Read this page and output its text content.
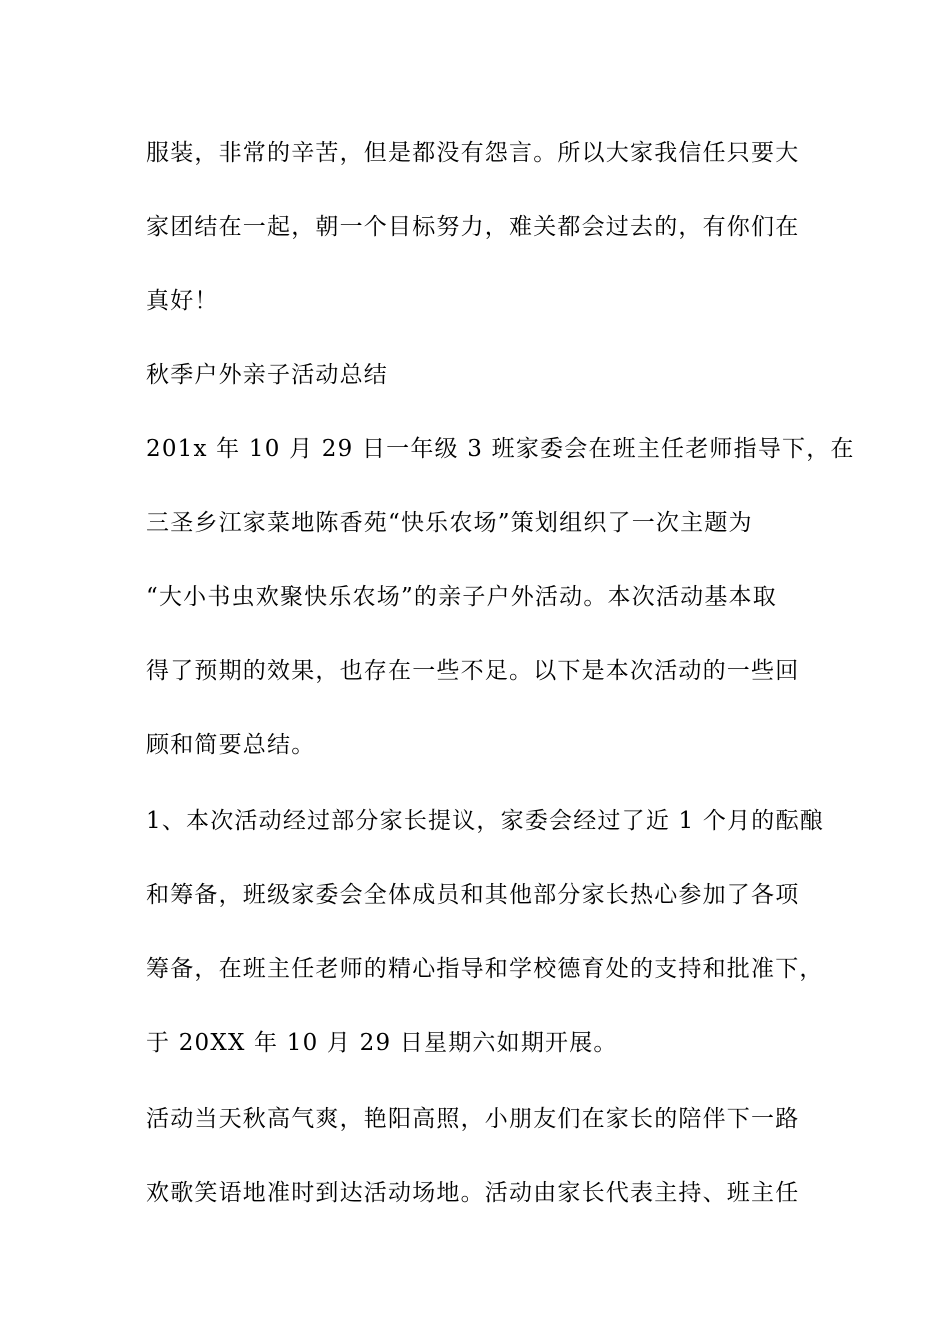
服装，非常的辛苦，但是都没有怨言。所以大家我信任只要大
家团结在一起，朝一个目标努力，难关都会过去的，有你们在
真好！
秋季户外亲子活动总结
201x 年 10 月 29 日一年级 3 班家委会在班主任老师指导下，在
三圣乡江家菜地陈香苑“快乐农场”策划组织了一次主题为
“大小书虫欢聚快乐农场”的亲子户外活动。本次活动基本取
得了预期的效果，也存在一些不足。以下是本次活动的一些回
顾和简要总结。
1、本次活动经过部分家长提议，家委会经过了近 1 个月的酝酿
和筹备，班级家委会全体成员和其他部分家长热心参加了各项
筹备，在班主任老师的精心指导和学校德育处的支持和批准下，
于 20XX 年 10 月 29 日星期六如期开展。
活动当天秋高气爽，艳阳高照，小朋友们在家长的陪伴下一路
欢歌笑语地准时到达活动场地。活动由家长代表主持、班主任
